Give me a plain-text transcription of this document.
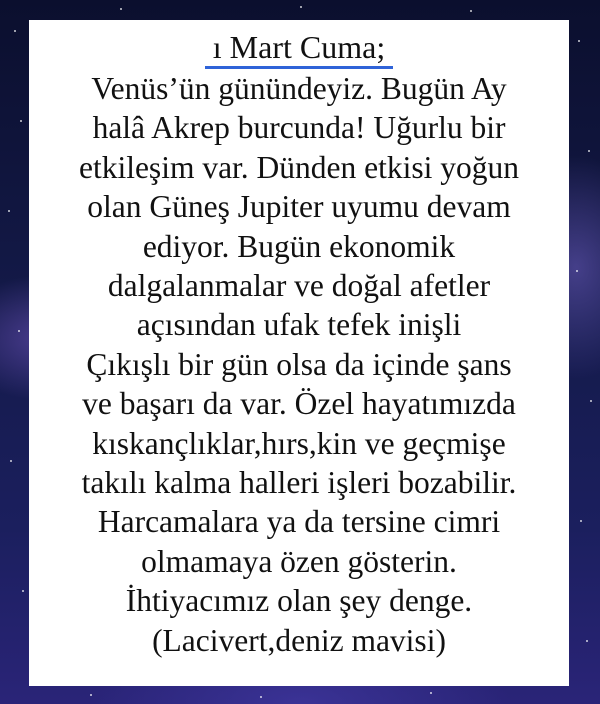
ı Mart Cuma;
Venüs’ün günündeyiz. Bugün Ay
halâ Akrep burcunda! Uğurlu bir
etkileşim var. Dünden etkisi yoğun
olan Güneş Jupiter uyumu devam
ediyor. Bugün ekonomik
dalgalanmalar ve doğal afetler
açısından ufak tefek inişli
Çıkışlı bir gün olsa da içinde şans
ve başarı da var. Özel hayatımızda
kıskançlıklar,hırs,kin ve geçmişe
takılı kalma halleri işleri bozabilir.
Harcamalara ya da tersine cimri
olmamaya özen gösterin.
İhtiyacımız olan şey denge.
(Lacivert,deniz mavisi)
